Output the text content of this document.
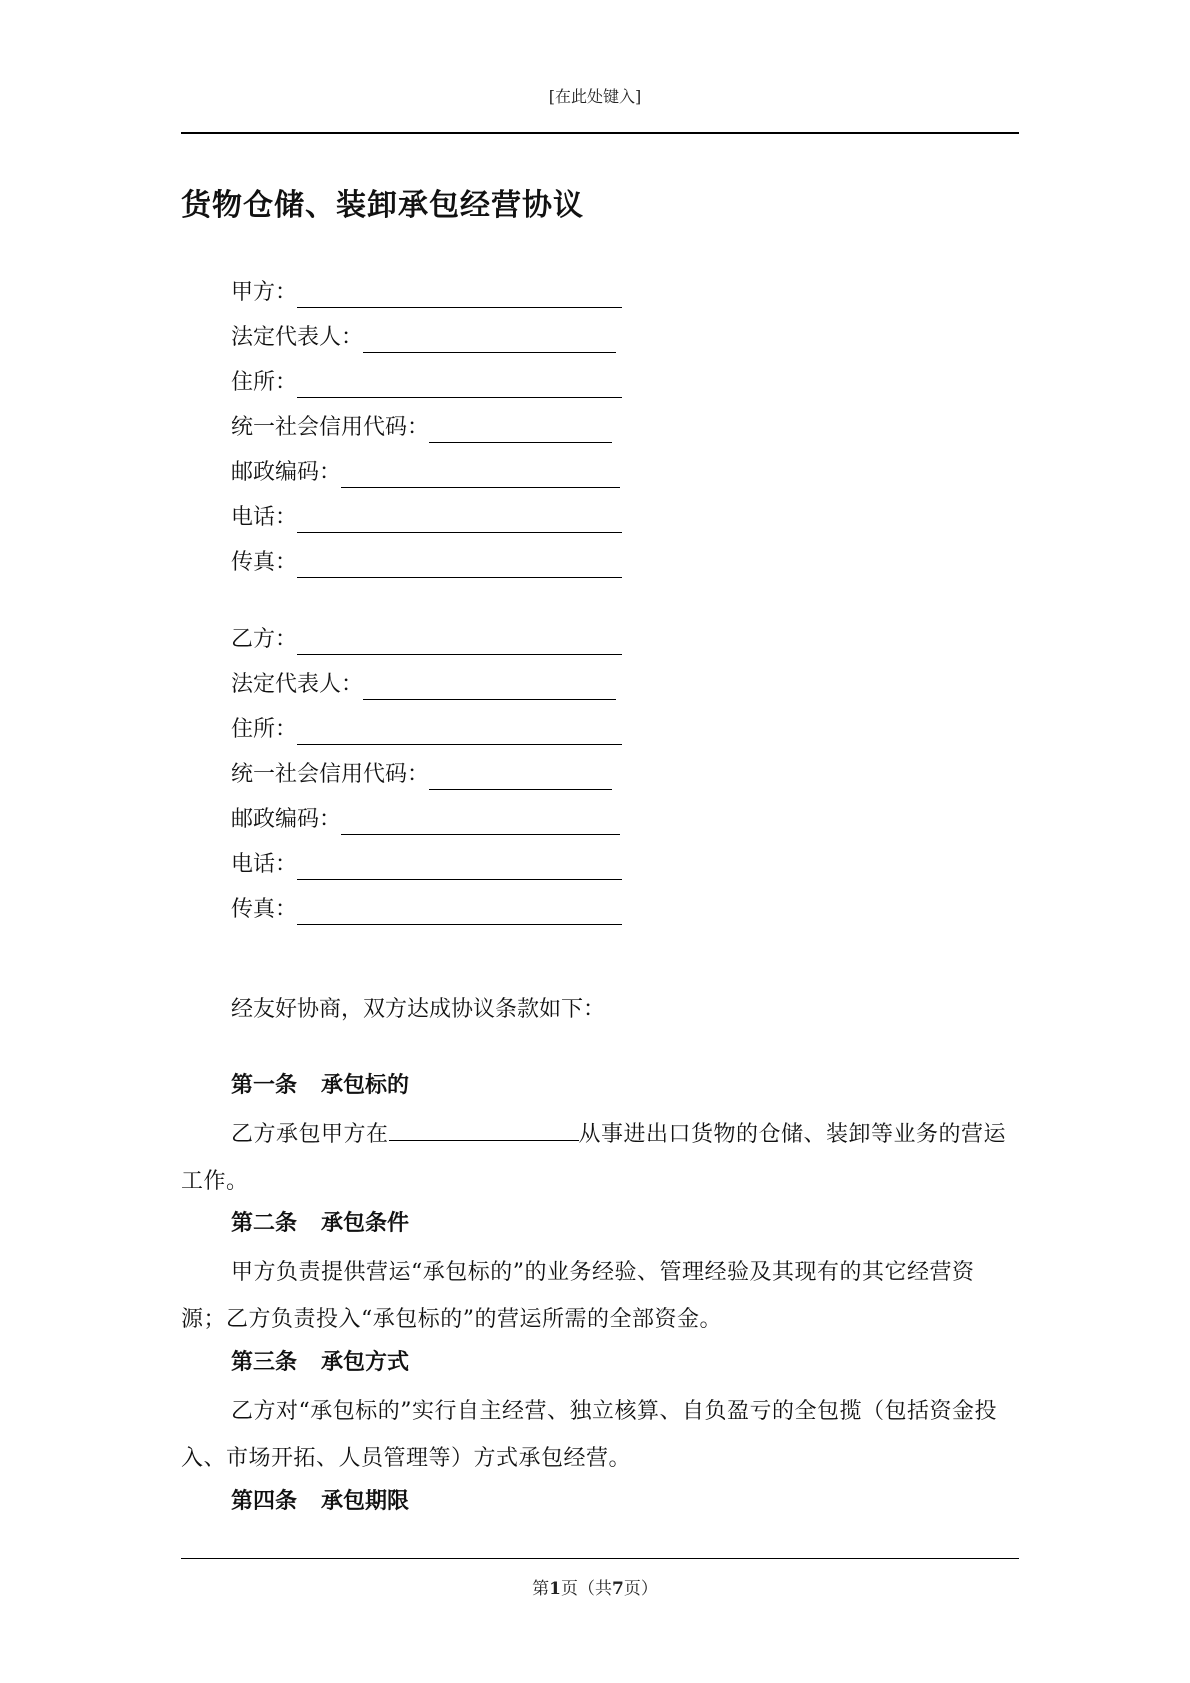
[在此处键入]
货物仓储、装卸承包经营协议
甲方：
法定代表人：
住所：
统一社会信用代码：
邮政编码：
电话：
传真：
乙方：
法定代表人：
住所：
统一社会信用代码：
邮政编码：
电话：
传真：
经友好协商，双方达成协议条款如下：
第一条 承包标的

乙方承包甲方在	从事进出口货物的仓储、装卸等业务的营运工作。

第二条 承包条件

甲方负责提供营运“承包标的”的业务经验、管理经验及其现有的其它经营资源；乙方负责投入“承包标的”的营运所需的全部资金。

第三条 承包方式

乙方对“承包标的”实行自主经营、独立核算、自负盈亏的全包揽（包括资金投入、市场开拓、人员管理等）方式承包经营。

第四条 承包期限
第1页（共7页）
